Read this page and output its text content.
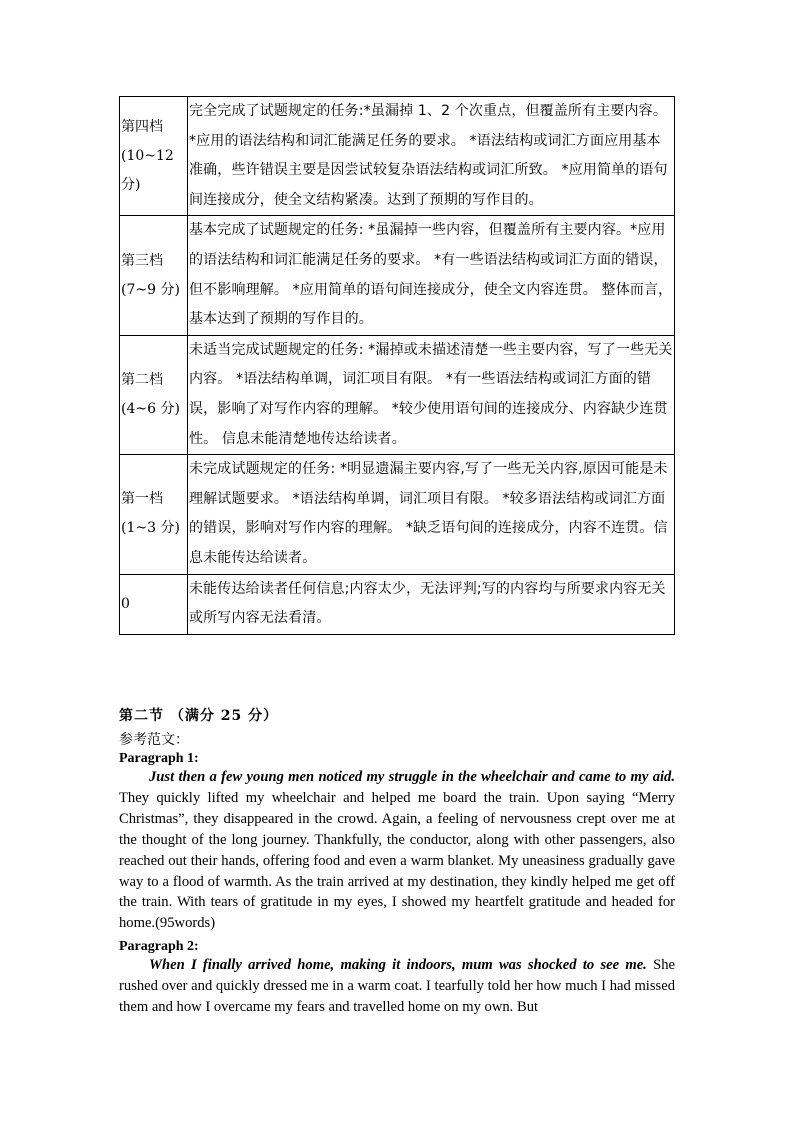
第四档
(10~12
分)	完全完成了试题规定的任务:*虽漏掉 1、2 个次重点，但覆盖所有主要内容。 *应用的语法结构和词汇能满足任务的要求。 *语法结构或词汇方面应用基本准确，些许错误主要是因尝试较复杂语法结构或词汇所致。 *应用简单的语句间连接成分，使全文结构紧凑。达到了预期的写作目的。
第三档
(7~9 分)	基本完成了试题规定的任务: *虽漏掉一些内容，但覆盖所有主要内容。*应用的语法结构和词汇能满足任务的要求。 *有一些语法结构或词汇方面的错误，但不影响理解。 *应用简单的语句间连接成分，使全文内容连贯。 整体而言，基本达到了预期的写作目的。
第二档
(4~6 分)	未适当完成试题规定的任务: *漏掉或未描述清楚一些主要内容，写了一些无关内容。 *语法结构单调，词汇项目有限。 *有一些语法结构或词汇方面的错误，影响了对写作内容的理解。 *较少使用语句间的连接成分、内容缺少连贯性。 信息未能清楚地传达给读者。
第一档
(1~3 分)	未完成试题规定的任务: *明显遗漏主要内容,写了一些无关内容,原因可能是未理解试题要求。 *语法结构单调，词汇项目有限。 *较多语法结构或词汇方面的错误，影响对写作内容的理解。 *缺乏语句间的连接成分，内容不连贯。信息未能传达给读者。
0	未能传达给读者任何信息;内容太少，无法评判;写的内容均与所要求内容无关或所写内容无法看清。
第二节 （满分 25 分）
参考范文：
Paragraph 1:
Just then a few young men noticed my struggle in the wheelchair and came to my aid. They quickly lifted my wheelchair and helped me board the train. Upon saying “Merry Christmas”, they disappeared in the crowd. Again, a feeling of nervousness crept over me at the thought of the long journey. Thankfully, the conductor, along with other passengers, also reached out their hands, offering food and even a warm blanket. My uneasiness gradually gave way to a flood of warmth. As the train arrived at my destination, they kindly helped me get off the train. With tears of gratitude in my eyes, I showed my heartfelt gratitude and headed for home.(95words)
Paragraph 2:
When I finally arrived home, making it indoors, mum was shocked to see me. She rushed over and quickly dressed me in a warm coat. I tearfully told her how much I had missed them and how I overcame my fears and travelled home on my own. But
